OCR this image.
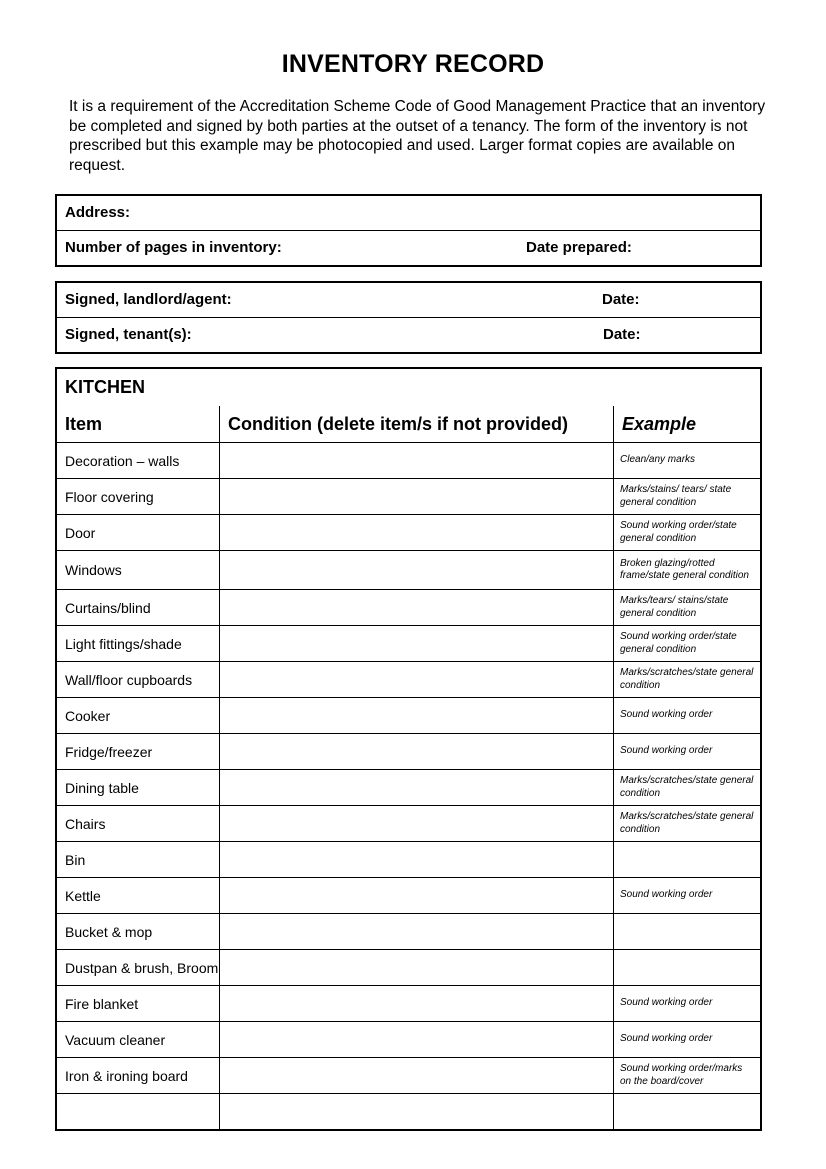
INVENTORY RECORD
It is a requirement of the Accreditation Scheme Code of Good Management Practice that an inventory be completed and signed by both parties at the outset of a tenancy. The form of the inventory is not prescribed but this example may be photocopied and used. Larger format copies are available on request.
Address:
Number of pages in inventory:	Date prepared:
Signed, landlord/agent:	Date:
Signed, tenant(s):	Date:
KITCHEN
Item	Condition (delete item/s if not provided)	Example
Decoration – walls		Clean/any marks
Floor covering		Marks/stains/ tears/ state general condition
Door		Sound working order/state general condition
Windows		Broken glazing/rotted frame/state general condition
Curtains/blind		Marks/tears/ stains/state general condition
Light fittings/shade		Sound working order/state general condition
Wall/floor cupboards		Marks/scratches/state general condition
Cooker		Sound working order
Fridge/freezer		Sound working order
Dining table		Marks/scratches/state general condition
Chairs		Marks/scratches/state general condition
Bin		
Kettle		Sound working order
Bucket & mop		
Dustpan & brush, Broom		
Fire blanket		Sound working order
Vacuum cleaner		Sound working order
Iron & ironing board		Sound working order/marks on the board/cover
